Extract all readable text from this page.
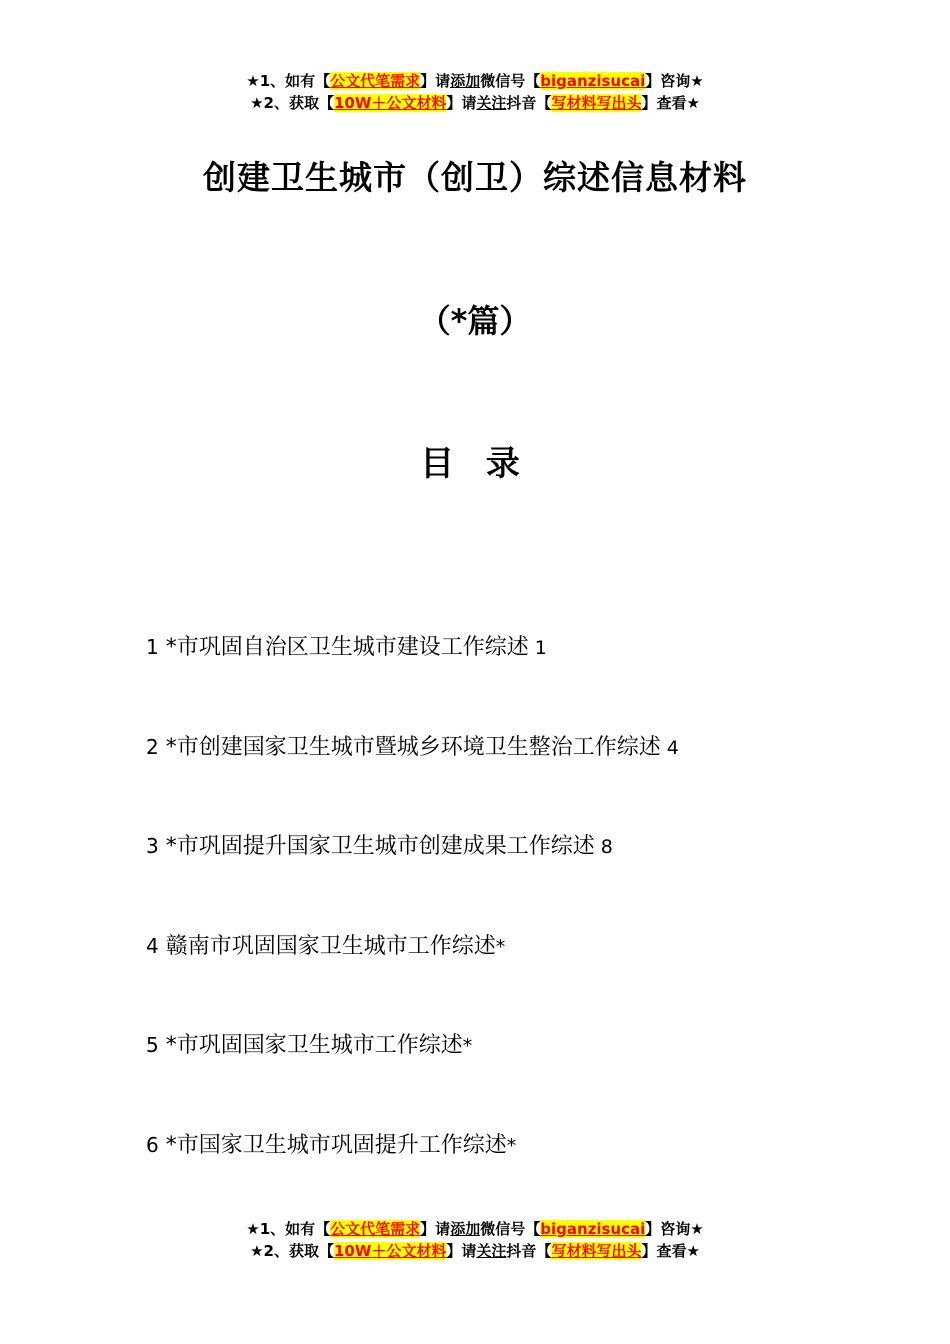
★1、如有【公文代笔需求】请添加微信号【biganzisucai】咨询★
★2、获取【10W＋公文材料】请关注抖音【写材料写出头】查看★
创建卫生城市（创卫）综述信息材料
（*篇）
目 录
1 *市巩固自治区卫生城市建设工作综述 1
2 *市创建国家卫生城市暨城乡环境卫生整治工作综述 4
3 *市巩固提升国家卫生城市创建成果工作综述 8
4 赣南市巩固国家卫生城市工作综述*
5 *市巩固国家卫生城市工作综述*
6 *市国家卫生城市巩固提升工作综述*
★1、如有【公文代笔需求】请添加微信号【biganzisucai】咨询★
★2、获取【10W＋公文材料】请关注抖音【写材料写出头】查看★
